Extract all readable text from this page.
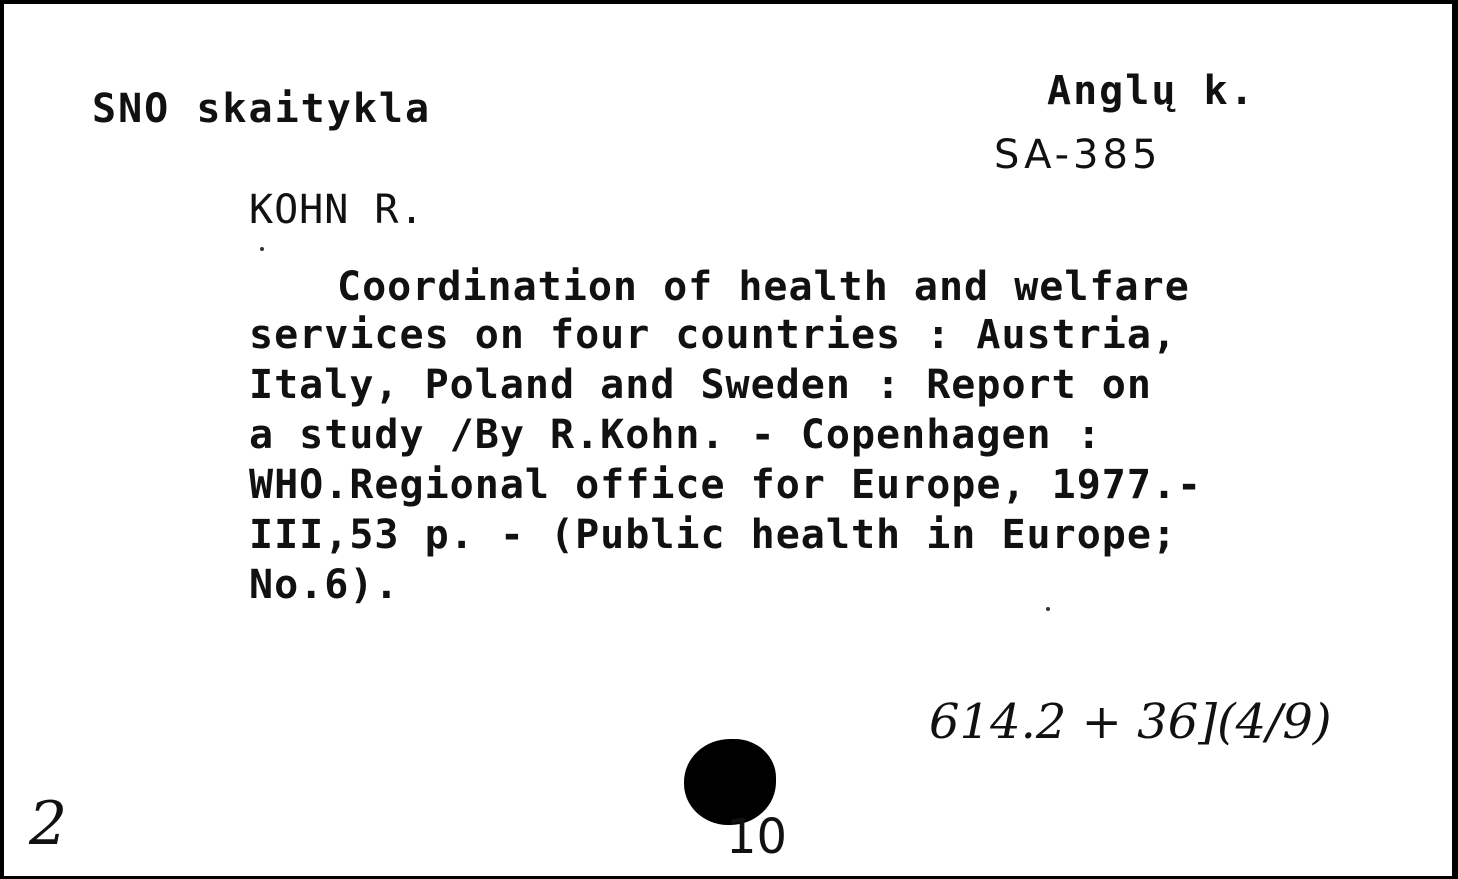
SNO skaitykla	Anglų k.
SA-385
KOHN R.
Coordination of health and welfare
services on four countries : Austria,
Italy, Poland and Sweden : Report on
a study /By R.Kohn. - Copenhagen :
WHO.Regional office for Europe, 1977.-
III,53 p. - (Public health in Europe;
No.6).
614.2 + 36](4/9)
2	10
